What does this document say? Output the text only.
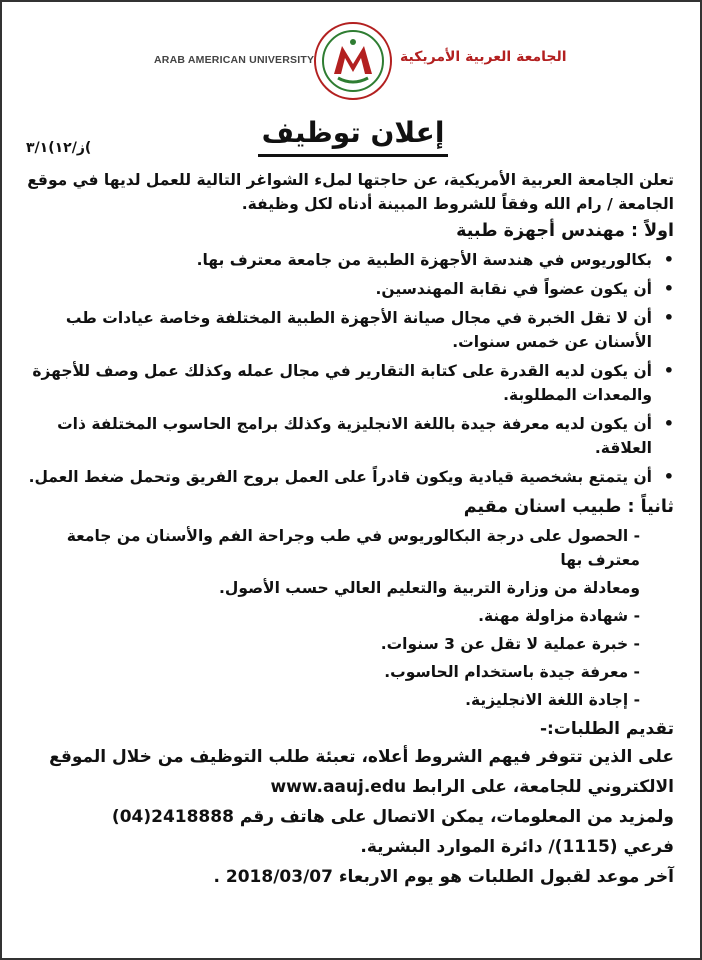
ARAB AMERICAN UNIVERSITY	الجامعة العربية الأمريكية
إعلان توظيف
ز/١٢)٣/١(

تعلن الجامعة العربية الأمريكية، عن حاجتها لملء الشواغر التالية للعمل لديها في موقع الجامعة / رام الله وفقاً للشروط المبينة أدناه لكل وظيفة.

اولاً : مهندس أجهزة طبية
• بكالوريوس في هندسة الأجهزة الطبية من جامعة معترف بها.
• أن يكون عضواً في نقابة المهندسين.
• أن لا تقل الخبرة في مجال صيانة الأجهزة الطبية المختلفة وخاصة عيادات طب الأسنان عن خمس سنوات.
• أن يكون لديه القدرة على كتابة التقارير في مجال عمله وكذلك عمل وصف للأجهزة والمعدات المطلوبة.
• أن يكون لديه معرفة جيدة باللغة الانجليزية وكذلك برامج الحاسوب المختلفة ذات العلاقة.
• أن يتمتع بشخصية قيادية ويكون قادراً على العمل بروح الفريق وتحمل ضغط العمل.
ثانياً : طبيب اسنان مقيم
- الحصول على درجة البكالوريوس في طب وجراحة الفم والأسنان من جامعة معترف بها
ومعادلة من وزارة التربية والتعليم العالي حسب الأصول.
- شهادة مزاولة مهنة.
- خبرة عملية لا تقل عن 3 سنوات.
- معرفة جيدة باستخدام الحاسوب.
- إجادة اللغة الانجليزية.
تقديم الطلبات:-

على الذين تتوفر فيهم الشروط أعلاه، تعبئة طلب التوظيف من خلال الموقع الالكتروني للجامعة، على الرابط www.aauj.edu

ولمزيد من المعلومات، يمكن الاتصال على هاتف رقم (04)2418888

فرعي (1115)/ دائرة الموارد البشرية.

آخر موعد لقبول الطلبات هو يوم الاربعاء 2018/03/07 .
